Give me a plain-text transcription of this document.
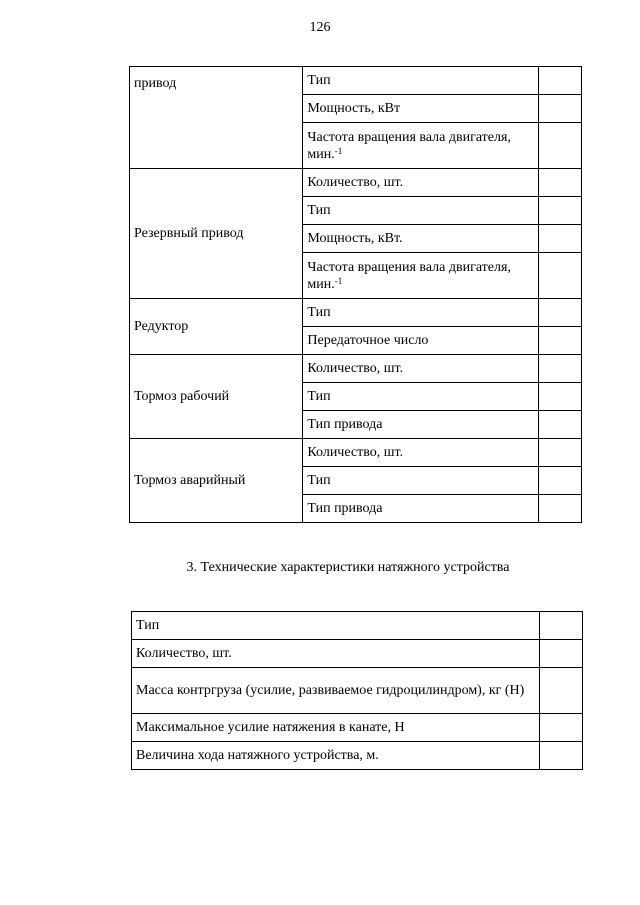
126
привод	Тип	
	Мощность, кВт	
	Частота вращения вала двигателя, мин.$^{-1}$	
Резервный привод	Количество, шт.	
	Тип	
	Мощность, кВт.	
	Частота вращения вала двигателя, мин.$^{-1}$	
Редуктор	Тип	
	Передаточное число	
Тормоз рабочий	Количество, шт.	
	Тип	
	Тип привода	
Тормоз аварийный	Количество, шт.	
	Тип	
	Тип привода	
3. Технические характеристики натяжного устройства
Тип	
Количество, шт.	
Масса контргруза (усилие, развиваемое гидроцилиндром), кг (Н)	
Максимальное усилие натяжения в канате, Н	
Величина хода натяжного устройства, м.	
